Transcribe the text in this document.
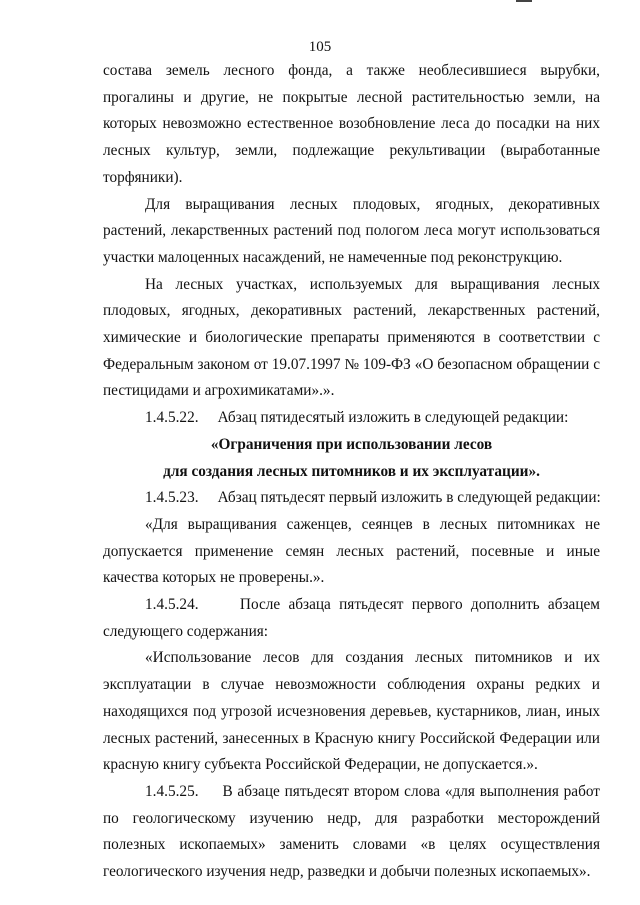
105

состава земель лесного фонда, а также необлесившиеся вырубки, прогалины и другие, не покрытые лесной растительностью земли, на которых невозможно естественное возобновление леса до посадки на них лесных культур, земли, подлежащие рекультивации (выработанные торфяники).

Для выращивания лесных плодовых, ягодных, декоративных растений, лекарственных растений под пологом леса могут использоваться участки малоценных насаждений, не намеченные под реконструкцию.

На лесных участках, используемых для выращивания лесных плодовых, ягодных, декоративных растений, лекарственных растений, химические и биологические препараты применяются в соответствии с Федеральным законом от 19.07.1997 № 109-ФЗ «О безопасном обращении с пестицидами и агрохимикатами».».

1.4.5.22.     Абзац пятидесятый изложить в следующей редакции:

«Ограничения при использовании лесов

для создания лесных питомников и их эксплуатации».

1.4.5.23.     Абзац пятьдесят первый изложить в следующей редакции:

«Для выращивания саженцев, сеянцев в лесных питомниках не допускается применение семян лесных растений, посевные и иные качества которых не проверены.».

1.4.5.24.     После абзаца пятьдесят первого дополнить абзацем следующего содержания:

«Использование лесов для создания лесных питомников и их эксплуатации в случае невозможности соблюдения охраны редких и находящихся под угрозой исчезновения деревьев, кустарников, лиан, иных лесных растений, занесенных в Красную книгу Российской Федерации или красную книгу субъекта Российской Федерации, не допускается.».

1.4.5.25.     В абзаце пятьдесят втором слова «для выполнения работ по геологическому изучению недр, для разработки месторождений полезных ископаемых» заменить словами «в целях осуществления геологического изучения недр, разведки и добычи полезных ископаемых».
